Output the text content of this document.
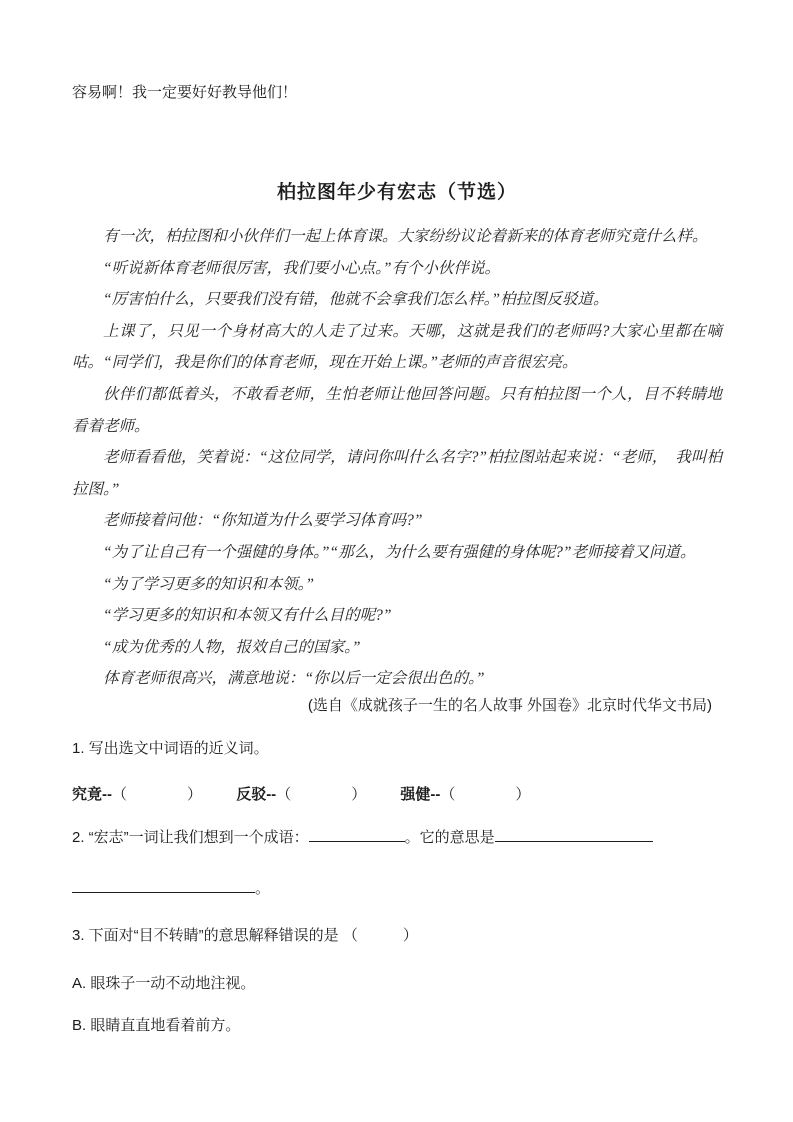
容易啊！我一定要好好教导他们！
柏拉图年少有宏志（节选）

有一次，柏拉图和小伙伴们一起上体育课。大家纷纷议论着新来的体育老师究竟什么样。

“听说新体育老师很厉害，我们要小心点。”有个小伙伴说。

“厉害怕什么，只要我们没有错，他就不会拿我们怎么样。”柏拉图反驳道。

上课了，只见一个身材高大的人走了过来。天哪，这就是我们的老师吗?大家心里都在嘀咕。“同学们，我是你们的体育老师，现在开始上课。”老师的声音很宏亮。

伙伴们都低着头，不敢看老师，生怕老师让他回答问题。只有柏拉图一个人，目不转睛地看着老师。

老师看看他，笑着说：“这位同学，请问你叫什么名字?”柏拉图站起来说：“老师，　我叫柏拉图。”

老师接着问他：“你知道为什么要学习体育吗?”

“为了让自己有一个强健的身体。”“那么，为什么要有强健的身体呢?”老师接着又问道。

“为了学习更多的知识和本领。”

“学习更多的知识和本领又有什么目的呢?”

“成为优秀的人物，报效自己的国家。”

体育老师很高兴，满意地说：“你以后一定会很出色的。”

(选自《成就孩子一生的名人故事 外国卷》北京时代华文书局)
1. 写出选文中词语的近义词。
究竟--（　　　　） 反驳--（　　　　） 强健--（　　　　）
2. “宏志”一词让我们想到一个成语：	。它的意思是
。
3. 下面对“目不转睛”的意思解释错误的是 （　　　）
A. 眼珠子一动不动地注视。
B. 眼睛直直地看着前方。
